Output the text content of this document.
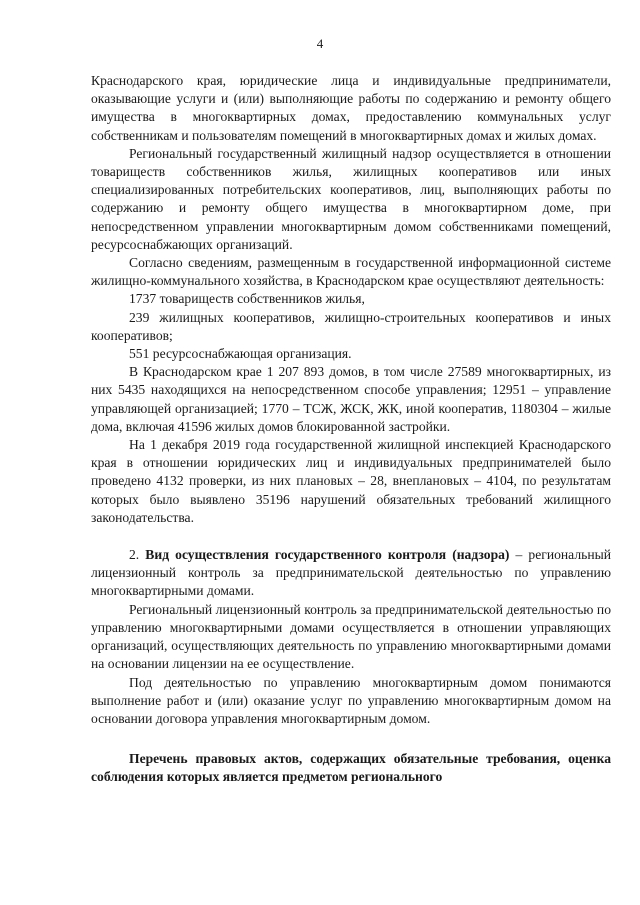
4

Краснодарского края, юридические лица и индивидуальные предприниматели, оказывающие услуги и (или) выполняющие работы по содержанию и ремонту общего имущества в многоквартирных домах, предоставлению коммунальных услуг собственникам и пользователям помещений в многоквартирных домах и жилых домах.

Региональный государственный жилищный надзор осуществляется в отношении товариществ собственников жилья, жилищных кооперативов или иных специализированных потребительских кооперативов, лиц, выполняющих работы по содержанию и ремонту общего имущества в многоквартирном доме, при непосредственном управлении многоквартирным домом собственниками помещений, ресурсоснабжающих организаций.

Согласно сведениям, размещенным в государственной информационной системе жилищно-коммунального хозяйства, в Краснодарском крае осуществляют деятельность:

1737 товариществ собственников жилья,

239 жилищных кооперативов, жилищно-строительных кооперативов и иных кооперативов;

551 ресурсоснабжающая организация.

В Краснодарском крае 1 207 893 домов, в том числе 27589 многоквартирных, из них 5435 находящихся на непосредственном способе управления; 12951 – управление управляющей организацией; 1770 – ТСЖ, ЖСК, ЖК, иной кооператив, 1180304 – жилые дома, включая 41596 жилых домов блокированной застройки.

На 1 декабря 2019 года государственной жилищной инспекцией Краснодарского края в отношении юридических лиц и индивидуальных предпринимателей было проведено 4132 проверки, из них плановых – 28, внеплановых – 4104, по результатам которых было выявлено 35196 нарушений обязательных требований жилищного законодательства.

2. Вид осуществления государственного контроля (надзора) – региональный лицензионный контроль за предпринимательской деятельностью по управлению многоквартирными домами.

Региональный лицензионный контроль за предпринимательской деятельностью по управлению многоквартирными домами осуществляется в отношении управляющих организаций, осуществляющих деятельность по управлению многоквартирными домами на основании лицензии на ее осуществление.

Под деятельностью по управлению многоквартирным домом понимаются выполнение работ и (или) оказание услуг по управлению многоквартирным домом на основании договора управления многоквартирным домом.

Перечень правовых актов, содержащих обязательные требования, оценка соблюдения которых является предметом регионального
